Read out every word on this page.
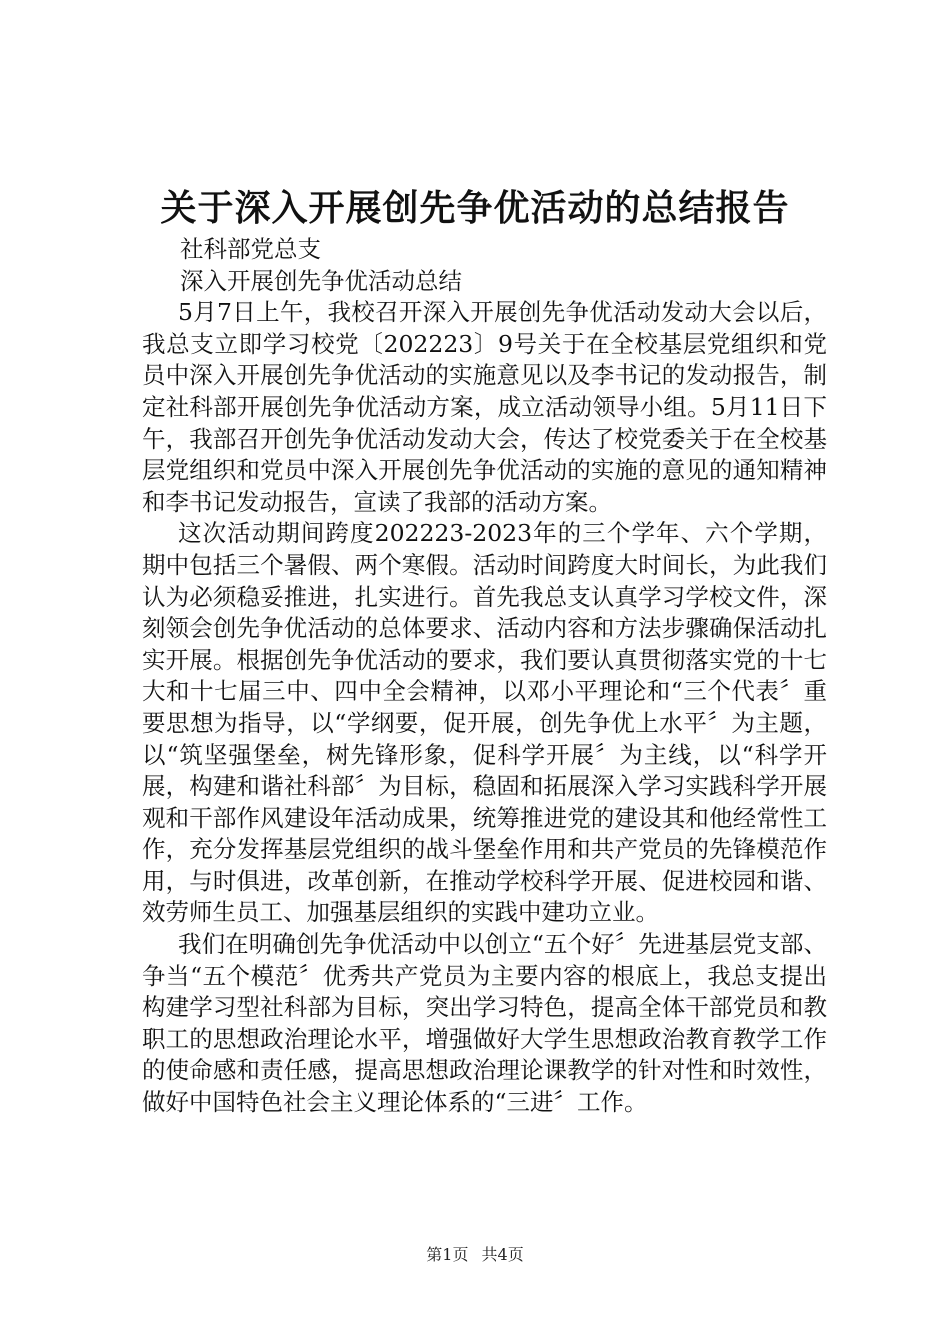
关于深入开展创先争优活动的总结报告

社科部党总支

深入开展创先争优活动总结

5月7日上午，我校召开深入开展创先争优活动发动大会以后，我总支立即学习校党〔202223〕9号关于在全校基层党组织和党员中深入开展创先争优活动的实施意见以及李书记的发动报告，制定社科部开展创先争优活动方案，成立活动领导小组。5月11日下午，我部召开创先争优活动发动大会，传达了校党委关于在全校基层党组织和党员中深入开展创先争优活动的实施的意见的通知精神和李书记发动报告，宣读了我部的活动方案。

这次活动期间跨度202223-2023年的三个学年、六个学期，期中包括三个暑假、两个寒假。活动时间跨度大时间长，为此我们认为必须稳妥推进，扎实进行。首先我总支认真学习学校文件，深刻领会创先争优活动的总体要求、活动内容和方法步骤确保活动扎实开展。根据创先争优活动的要求，我们要认真贯彻落实党的十七大和十七届三中、四中全会精神，以邓小平理论和“三个代表〞重要思想为指导，以“学纲要，促开展，创先争优上水平〞为主题，以“筑坚强堡垒，树先锋形象，促科学开展〞为主线，以“科学开展，构建和谐社科部〞为目标，稳固和拓展深入学习实践科学开展观和干部作风建设年活动成果，统筹推进党的建设其和他经常性工作，充分发挥基层党组织的战斗堡垒作用和共产党员的先锋模范作用，与时俱进，改革创新，在推动学校科学开展、促进校园和谐、效劳师生员工、加强基层组织的实践中建功立业。

我们在明确创先争优活动中以创立“五个好〞先进基层党支部、争当“五个模范〞优秀共产党员为主要内容的根底上，我总支提出构建学习型社科部为目标，突出学习特色，提高全体干部党员和教职工的思想政治理论水平，增强做好大学生思想政治教育教学工作的使命感和责任感，提高思想政治理论课教学的针对性和时效性，做好中国特色社会主义理论体系的“三进〞工作。

第1页 共4页
